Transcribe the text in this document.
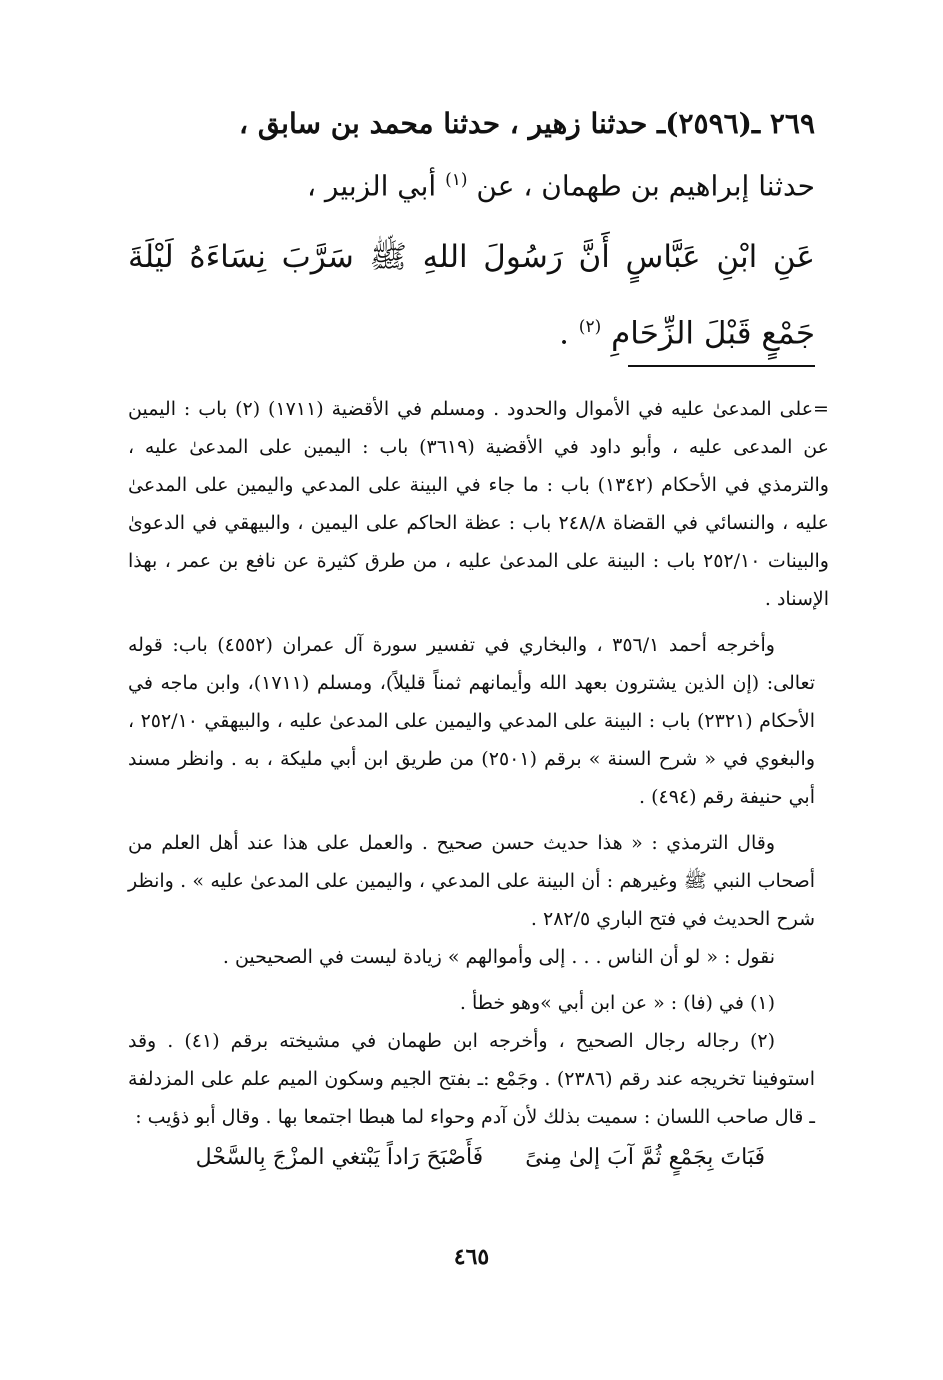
٢٦٩ ـ(٢٥٩٦)ـ حدثنا زهير ، حدثنا محمد بن سابق ،

حدثنا إبراهيم بن طهمان ، عن $^{(١)}$ أبي الزبير ،

عَنِ ابْنِ عَبَّاسٍ أَنَّ رَسُولَ اللهِ ﷺ سَرَّبَ نِسَاءَهُ لَيْلَةَ جَمْعٍ قَبْلَ الزِّحَامِ $^{(٢)}$ .

=على المدعىٰ عليه في الأموال والحدود . ومسلم في الأقضية (١٧١١) (٢) باب : اليمين عن المدعى عليه ، وأبو داود في الأقضية (٣٦١٩) باب : اليمين على المدعىٰ عليه ، والترمذي في الأحكام (١٣٤٢) باب : ما جاء في البينة على المدعي واليمين على المدعىٰ عليه ، والنسائي في القضاة ٢٤٨/٨ باب : عظة الحاكم على اليمين ، والبيهقي في الدعوىٰ والبينات ٢٥٢/١٠ باب : البينة على المدعىٰ عليه ، من طرق كثيرة عن نافع بن عمر ، بهذا الإسناد .

وأخرجه أحمد ٣٥٦/١ ، والبخاري في تفسير سورة آل عمران (٤٥٥٢) باب: قوله تعالى: (إن الذين يشترون بعهد الله وأيمانهم ثمناً قليلاً)، ومسلم (١٧١١)، وابن ماجه في الأحكام (٢٣٢١) باب : البينة على المدعي واليمين على المدعىٰ عليه ، والبيهقي ٢٥٢/١٠ ، والبغوي في « شرح السنة » برقم (٢٥٠١) من طريق ابن أبي مليكة ، به . وانظر مسند أبي حنيفة رقم (٤٩٤) .

وقال الترمذي : « هذا حديث حسن صحيح . والعمل على هذا عند أهل العلم من أصحاب النبي ﷺ وغيرهم : أن البينة على المدعي ، واليمين على المدعىٰ عليه » . وانظر شرح الحديث في فتح الباري ٢٨٢/٥ .

نقول : « لو أن الناس . . . إلى وأموالهم » زيادة ليست في الصحيحين .

(١) في (فا) : « عن ابن أبي »وهو خطأ .

(٢) رجاله رجال الصحيح ، وأخرجه ابن طهمان في مشيخته برقم (٤١) . وقد استوفينا تخريجه عند رقم (٢٣٨٦) . وجَمْع :ـ بفتح الجيم وسكون الميم علم على المزدلفة ـ قال صاحب اللسان : سميت بذلك لأن آدم وحواء لما هبطا اجتمعا بها . وقال أبو ذؤيب :

فَبَاتَ بِجَمْعٍ ثُمَّ آبَ إلىٰ مِنىً
فَأَصْبَحَ رَاداً يَبْتغي المزْجَ بِالسَّحْل
٤٦٥
